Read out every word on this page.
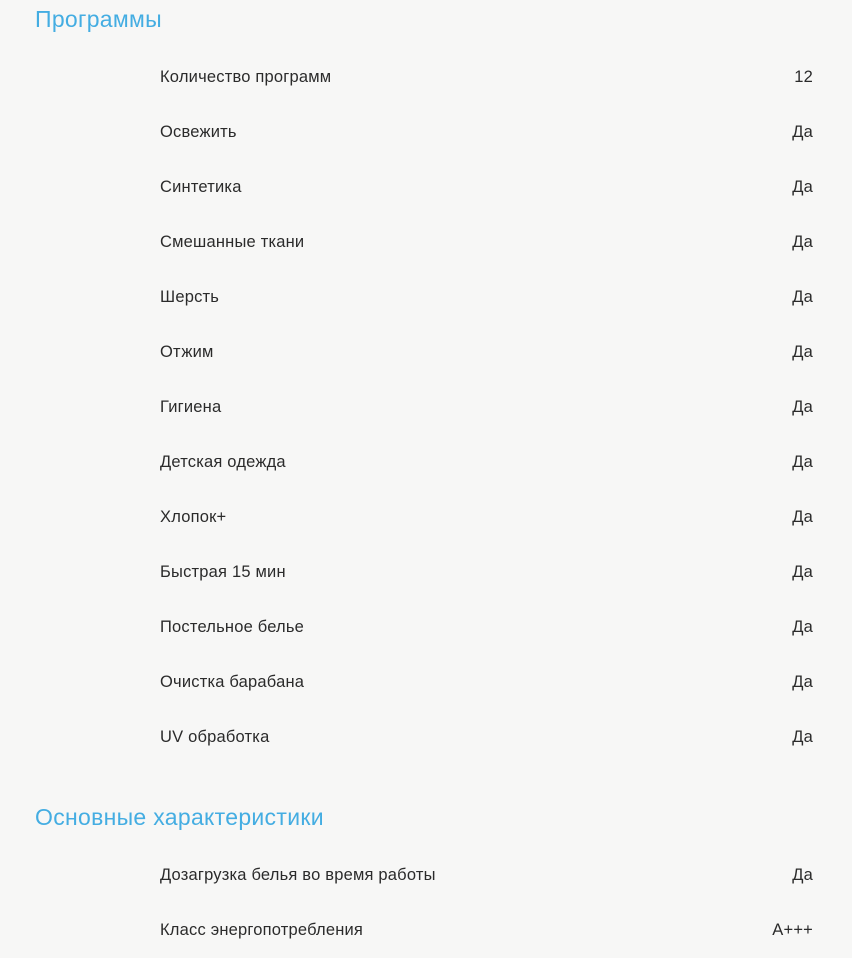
Программы
Количество программ	12
Освежить	Да
Синтетика	Да
Смешанные ткани	Да
Шерсть	Да
Отжим	Да
Гигиена	Да
Детская одежда	Да
Хлопок+	Да
Быстрая 15 мин	Да
Постельное белье	Да
Очистка барабана	Да
UV обработка	Да
Основные характеристики
Дозагрузка белья во время работы	Да
Класс энергопотребления	A+++
